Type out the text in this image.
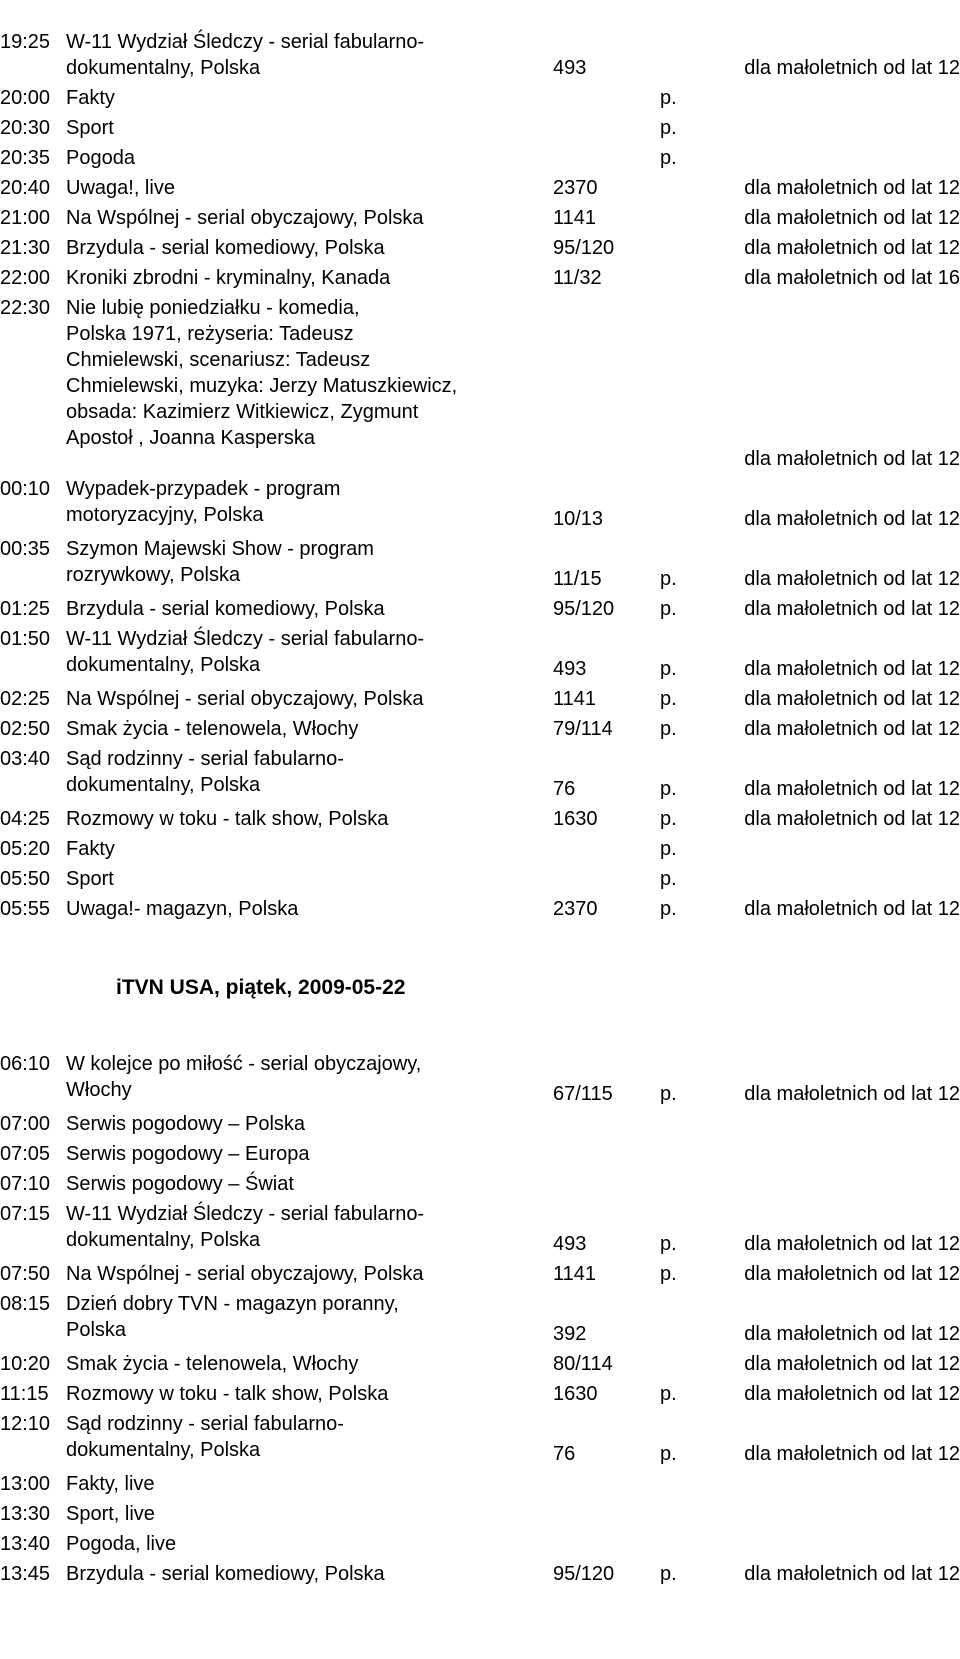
19:25 W-11 Wydział Śledczy - serial fabularno-
dokumentalny, Polska	493	dla małoletnich od lat 12
20:00 Fakty	p.
20:30 Sport	p.
20:35 Pogoda	p.
20:40 Uwaga!, live	2370	dla małoletnich od lat 12
21:00 Na Wspólnej - serial obyczajowy, Polska	1141	dla małoletnich od lat 12
21:30 Brzydula - serial komediowy, Polska	95/120	dla małoletnich od lat 12
22:00 Kroniki zbrodni - kryminalny, Kanada	11/32	dla małoletnich od lat 16
22:30 Nie lubię poniedziałku - komedia,
Polska 1971, reżyseria: Tadeusz
Chmielewski, scenariusz: Tadeusz
Chmielewski, muzyka: Jerzy Matuszkiewicz,
obsada: Kazimierz Witkiewicz, Zygmunt
Apostoł , Joanna Kasperska
dla małoletnich od lat 12
00:10 Wypadek-przypadek - program
motoryzacyjny, Polska	10/13	dla małoletnich od lat 12
00:35 Szymon Majewski Show - program
rozrywkowy, Polska	11/15	p.	dla małoletnich od lat 12
01:25 Brzydula - serial komediowy, Polska	95/120 p.	dla małoletnich od lat 12
01:50 W-11 Wydział Śledczy - serial fabularno-
dokumentalny, Polska	493	p.	dla małoletnich od lat 12
02:25 Na Wspólnej - serial obyczajowy, Polska	1141	p.	dla małoletnich od lat 12
02:50 Smak życia - telenowela, Włochy	79/114 p.	dla małoletnich od lat 12
03:40 Sąd rodzinny - serial fabularno-
dokumentalny, Polska	76	p.	dla małoletnich od lat 12
04:25 Rozmowy w toku - talk show, Polska	1630	p.	dla małoletnich od lat 12
05:20 Fakty	p.
05:50 Sport	p.
05:55 Uwaga!- magazyn, Polska	2370	p.	dla małoletnich od lat 12
iTVN USA, piątek, 2009-05-22
06:10 W kolejce po miłość - serial obyczajowy,
Włochy	67/115 p.	dla małoletnich od lat 12
07:00 Serwis pogodowy – Polska
07:05 Serwis pogodowy – Europa
07:10 Serwis pogodowy – Świat
07:15 W-11 Wydział Śledczy - serial fabularno-
dokumentalny, Polska	493	p.	dla małoletnich od lat 12
07:50 Na Wspólnej - serial obyczajowy, Polska	1141	p.	dla małoletnich od lat 12
08:15 Dzień dobry TVN - magazyn poranny,
Polska	392	dla małoletnich od lat 12
10:20 Smak życia - telenowela, Włochy	80/114	dla małoletnich od lat 12
11:15 Rozmowy w toku - talk show, Polska	1630	p.	dla małoletnich od lat 12
12:10 Sąd rodzinny - serial fabularno-
dokumentalny, Polska	76	p.	dla małoletnich od lat 12
13:00 Fakty, live
13:30 Sport, live
13:40 Pogoda, live
13:45 Brzydula - serial komediowy, Polska	95/120 p.	dla małoletnich od lat 12
